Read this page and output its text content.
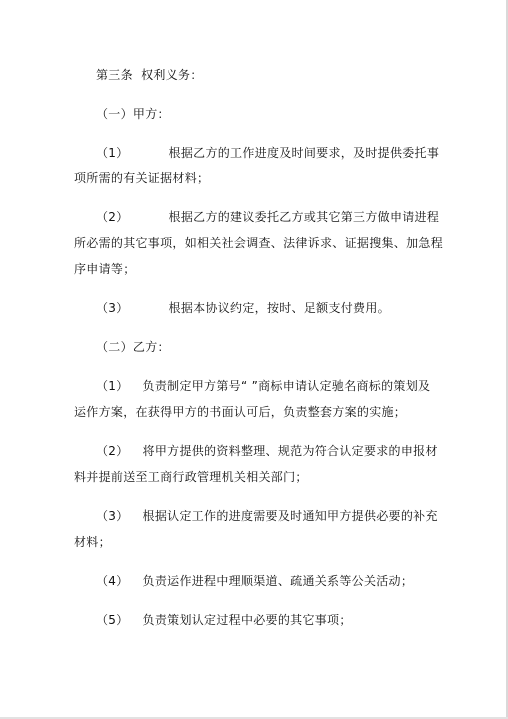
第三条  权利义务：
（一）甲方：
（1）	根据乙方的工作进度及时间要求，及时提供委托事
项所需的有关证据材料；
（2）	根据乙方的建议委托乙方或其它第三方做申请进程
所必需的其它事项，如相关社会调查、法律诉求、证据搜集、加急程
序申请等；
（3）	根据本协议约定，按时、足额支付费用。
（二）乙方：
（1） 负责制定甲方第号“ ”商标申请认定驰名商标的策划及
运作方案，在获得甲方的书面认可后，负责整套方案的实施；
（2） 将甲方提供的资料整理、规范为符合认定要求的申报材
料并提前送至工商行政管理机关相关部门；
（3） 根据认定工作的进度需要及时通知甲方提供必要的补充
材料；
（4） 负责运作进程中理顺渠道、疏通关系等公关活动；
（5） 负责策划认定过程中必要的其它事项；
